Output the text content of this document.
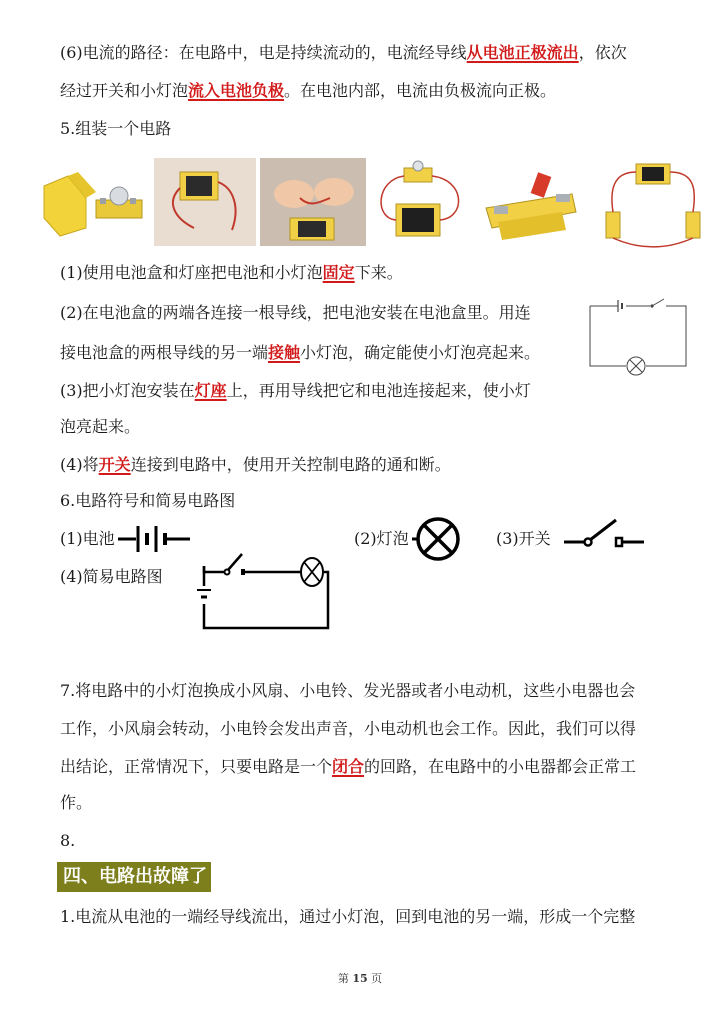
(6)电流的路径：在电路中，电是持续流动的，电流经导线从电池正极流出，依次
经过开关和小灯泡流入电池负极。在电池内部，电流由负极流向正极。
5.组装一个电路
(1)使用电池盒和灯座把电池和小灯泡固定下来。
(2)在电池盒的两端各连接一根导线，把电池安装在电池盒里。用连
接电池盒的两根导线的另一端接触小灯泡，确定能使小灯泡亮起来。
(3)把小灯泡安装在灯座上，再用导线把它和电池连接起来，使小灯
泡亮起来。
(4)将开关连接到电路中，使用开关控制电路的通和断。
6.电路符号和简易电路图
(1)电池	(2)灯泡	(3)开关
(4)简易电路图
7.将电路中的小灯泡换成小风扇、小电铃、发光器或者小电动机，这些小电器也会
工作，小风扇会转动，小电铃会发出声音，小电动机也会工作。因此，我们可以得
出结论，正常情况下，只要电路是一个闭合的回路，在电路中的小电器都会正常工
作。
8.
四、电路出故障了
1.电流从电池的一端经导线流出，通过小灯泡，回到电池的另一端，形成一个完整
第 15 页
